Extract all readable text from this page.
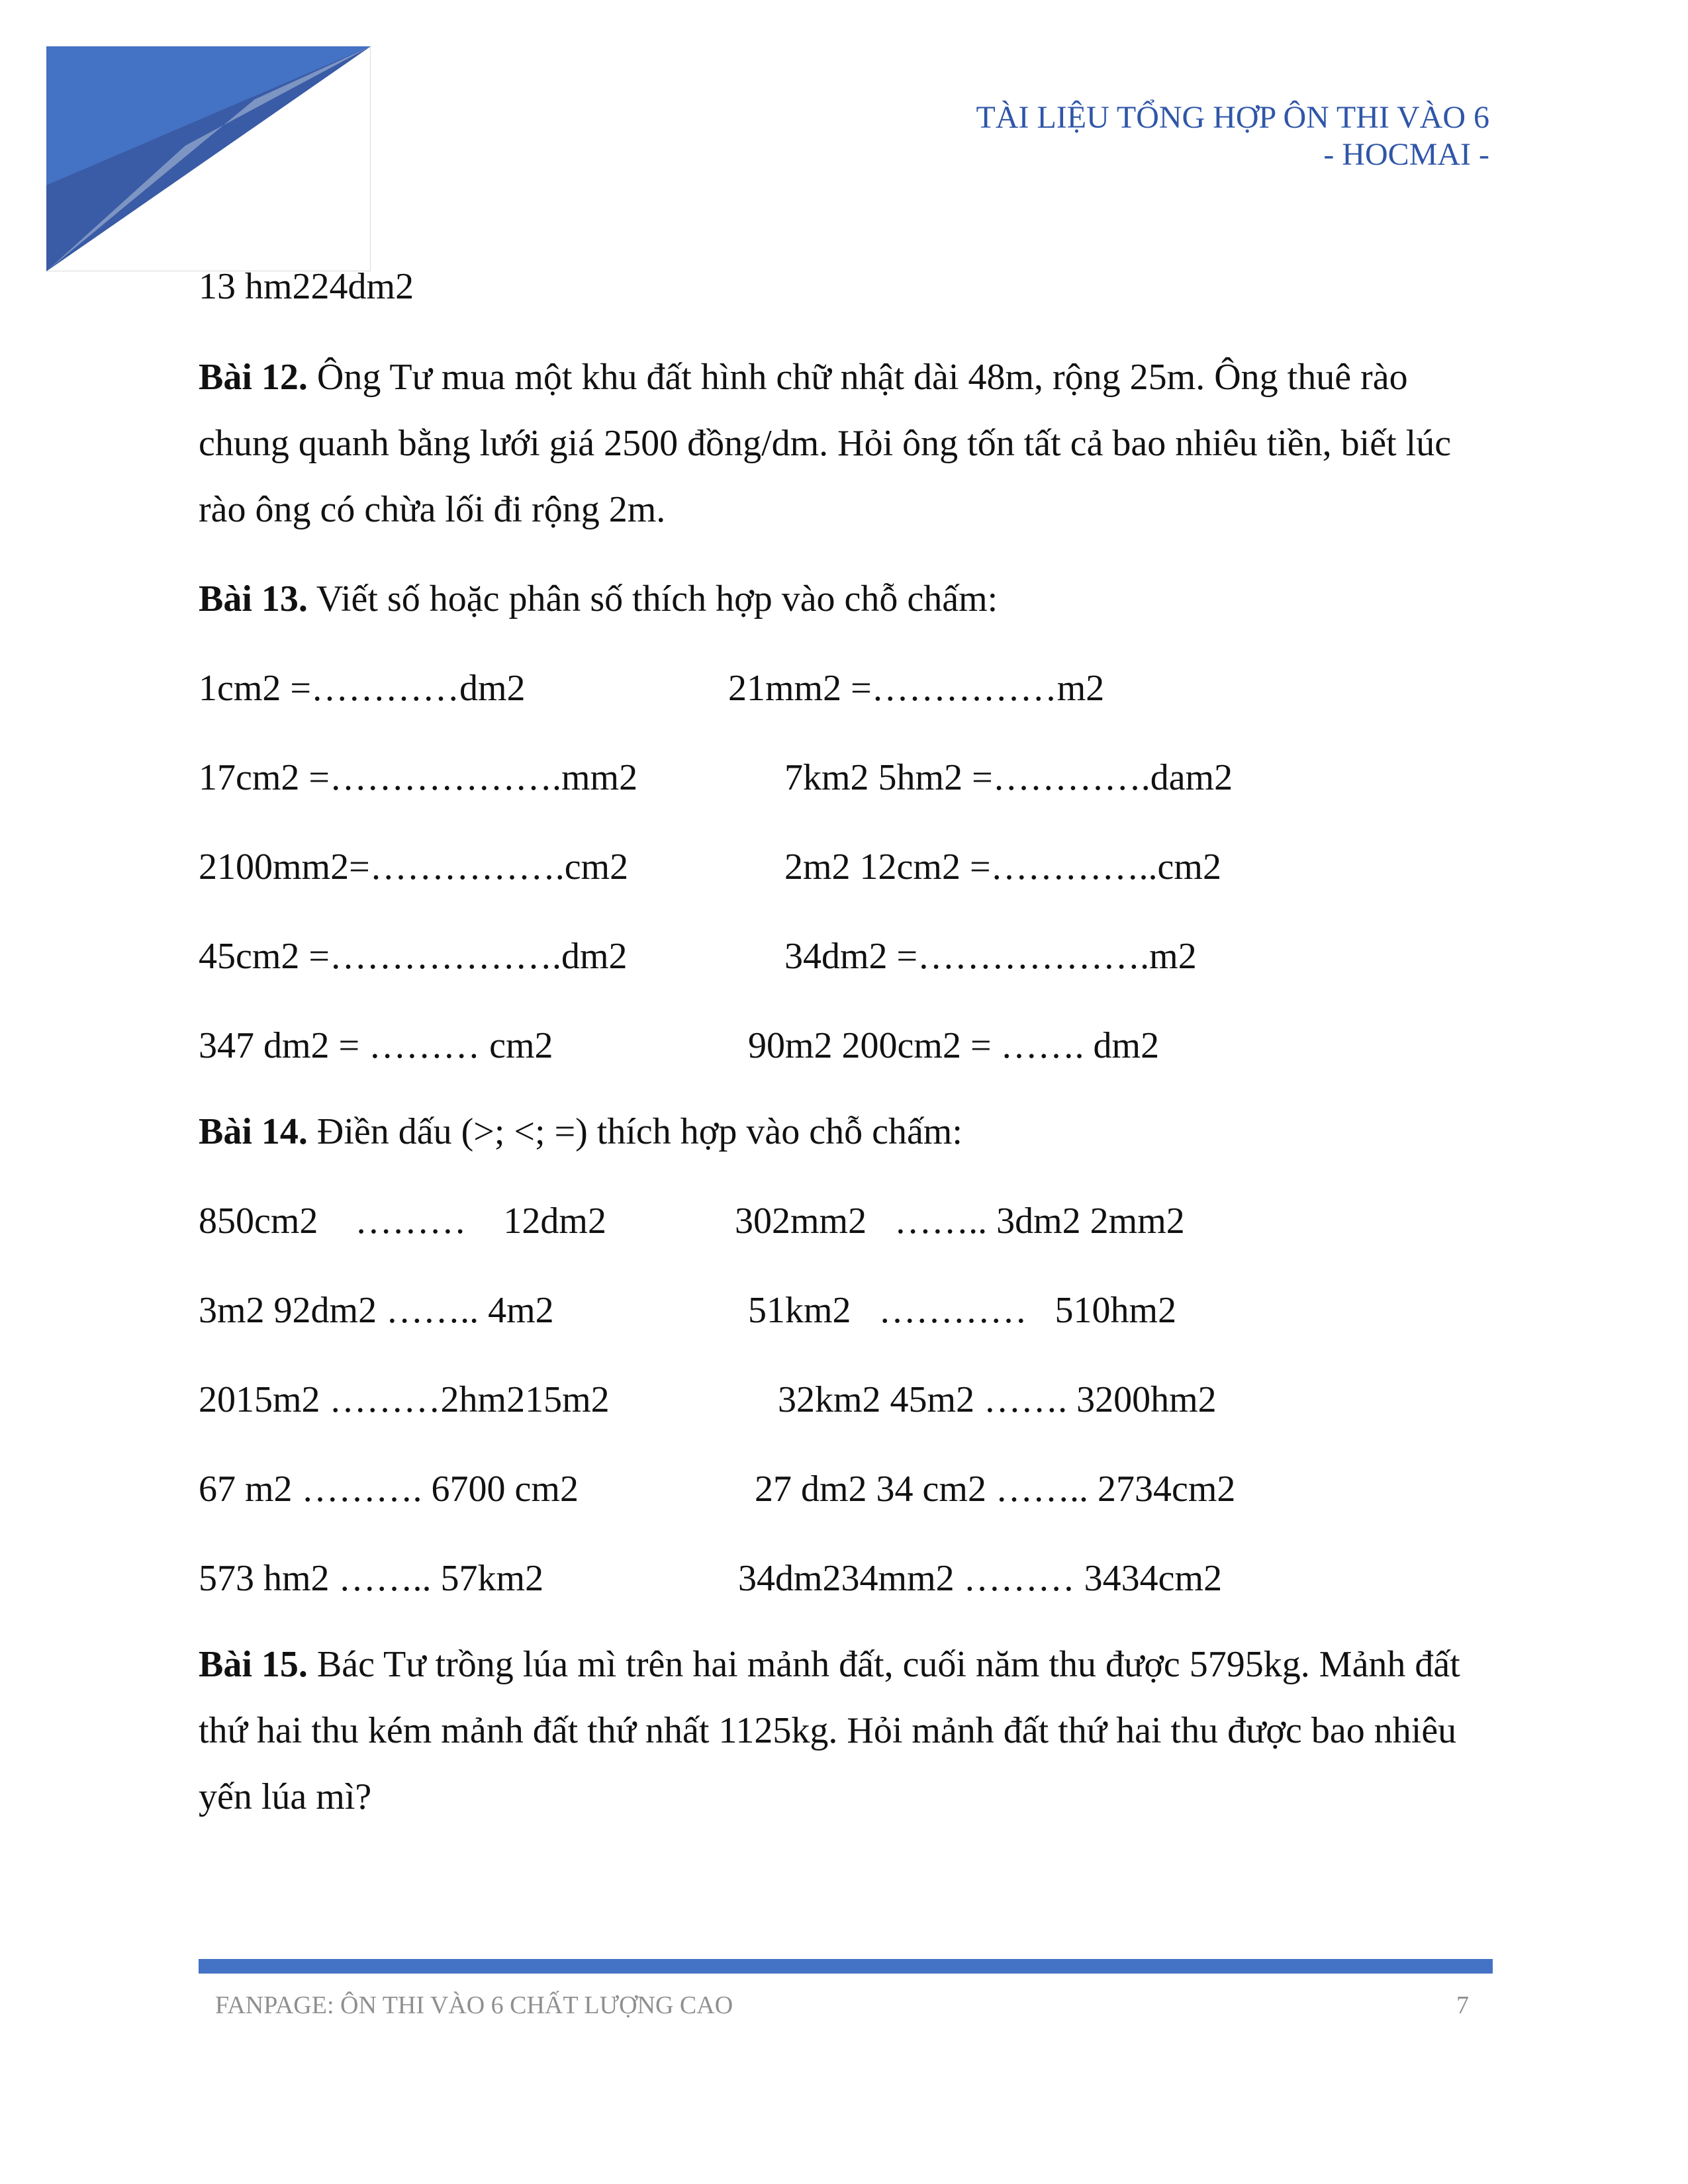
TÀI LIỆU TỔNG HỢP ÔN THI VÀO 6
- HOCMAI -
13 hm224dm2

Bài 12. Ông Tư mua một khu đất hình chữ nhật dài 48m, rộng 25m. Ông thuê rào chung quanh bằng lưới giá 2500 đồng/dm. Hỏi ông tốn tất cả bao nhiêu tiền, biết lúc rào ông có chừa lối đi rộng 2m.

Bài 13. Viết số hoặc phân số thích hợp vào chỗ chấm:

1cm2 =…………dm2	21mm2 =……………m2
17cm2 =……………….mm2	7km2 5hm2 =………….dam2
2100mm2=…………….cm2	2m2 12cm2 =…………..cm2
45cm2 =……………….dm2	34dm2 =……………….m2
347 dm2 = ……… cm2	90m2 200cm2 = ……. dm2

Bài 14. Điền dấu (>; <; =) thích hợp vào chỗ chấm:

850cm2    ………    12dm2	302mm2   …….. 3dm2 2mm2
3m2 92dm2 …….. 4m2	51km2   …………   510hm2
2015m2 ………2hm215m2	32km2 45m2 ……. 3200hm2
67 m2 ………. 6700 cm2	27 dm2 34 cm2 …….. 2734cm2
573 hm2 …….. 57km2	34dm234mm2 ……… 3434cm2

Bài 15. Bác Tư trồng lúa mì trên hai mảnh đất, cuối năm thu được 5795kg. Mảnh đất thứ hai thu kém mảnh đất thứ nhất 1125kg. Hỏi mảnh đất thứ hai thu được bao nhiêu yến lúa mì?

FANPAGE: ÔN THI VÀO 6 CHẤT LƯỢNG CAO	7
